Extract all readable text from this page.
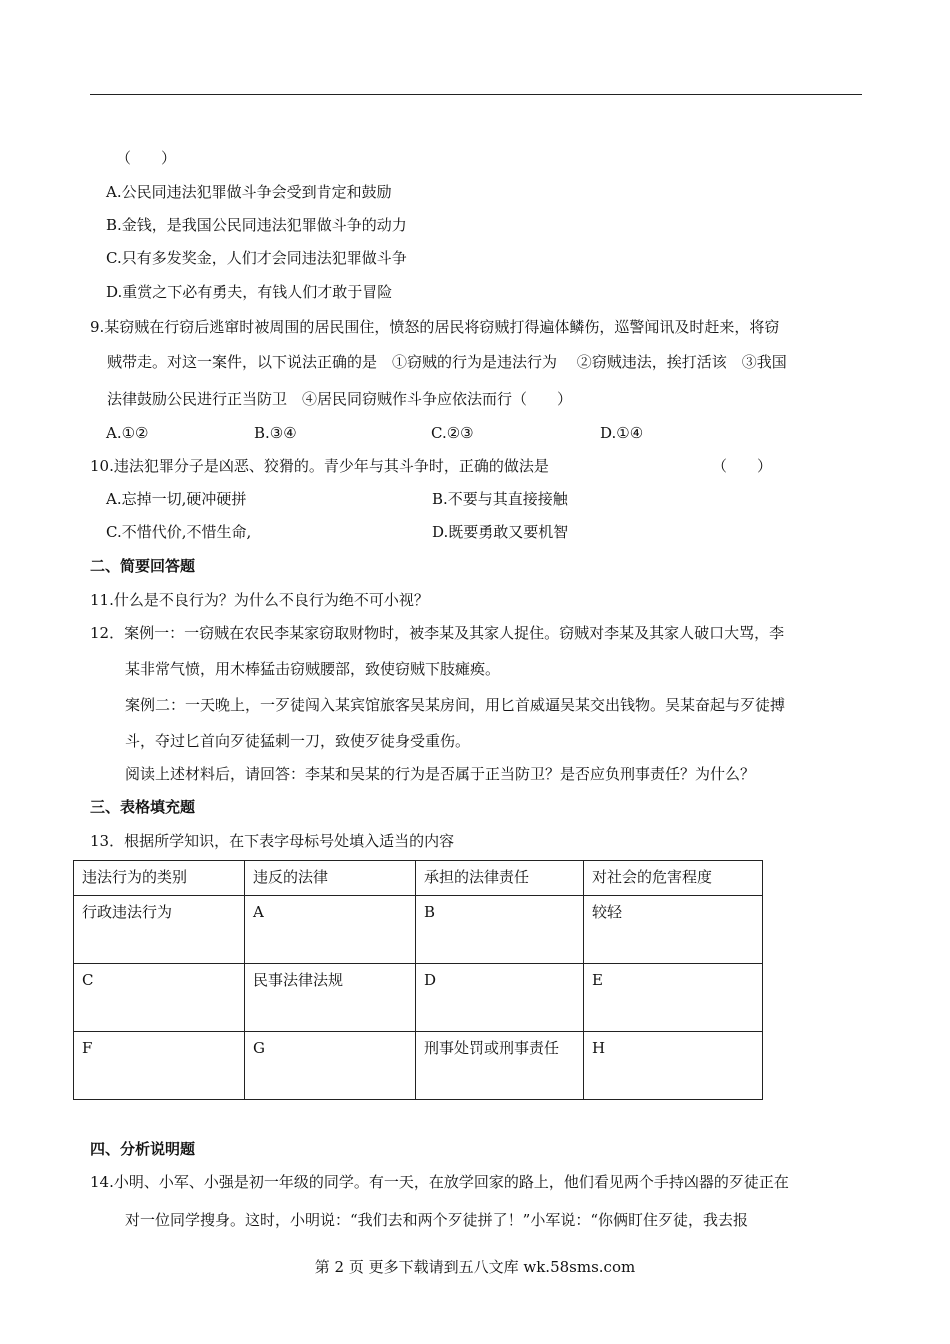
（　　）
A.公民同违法犯罪做斗争会受到肯定和鼓励
B.金钱，是我国公民同违法犯罪做斗争的动力
C.只有多发奖金，人们才会同违法犯罪做斗争
D.重赏之下必有勇夫，有钱人们才敢于冒险
9.某窃贼在行窃后逃窜时被周围的居民围住，愤怒的居民将窃贼打得遍体鳞伤，巡警闻讯及时赶来，将窃
贼带走。对这一案件，以下说法正确的是　①窃贼的行为是违法行为　 ②窃贼违法，挨打活该　③我国
法律鼓励公民进行正当防卫　④居民同窃贼作斗争应依法而行（　　）
A.①②	B.③④	C.②③	D.①④
10.违法犯罪分子是凶恶、狡猾的。青少年与其斗争时，正确的做法是	（　　）
A.忘掉一切,硬冲硬拼	B.不要与其直接接触
C.不惜代价,不惜生命,	D.既要勇敢又要机智
二、简要回答题
11.什么是不良行为？为什么不良行为绝不可小视？
12．案例一：一窃贼在农民李某家窃取财物时，被李某及其家人捉住。窃贼对李某及其家人破口大骂，李
某非常气愤，用木棒猛击窃贼腰部，致使窃贼下肢瘫痪。
案例二：一天晚上，一歹徒闯入某宾馆旅客吴某房间，用匕首威逼吴某交出钱物。吴某奋起与歹徒搏
斗，夺过匕首向歹徒猛刺一刀，致使歹徒身受重伤。
阅读上述材料后，请回答：李某和吴某的行为是否属于正当防卫？是否应负刑事责任？为什么？
三、表格填充题
13．根据所学知识，在下表字母标号处填入适当的内容
违法行为的类别	违反的法律	承担的法律责任	对社会的危害程度
行政违法行为	A	B	较轻
C	民事法律法规	D	E
F	G	刑事处罚或刑事责任	H
四、分析说明题
14.小明、小军、小强是初一年级的同学。有一天，在放学回家的路上，他们看见两个手持凶器的歹徒正在
对一位同学搜身。这时，小明说：“我们去和两个歹徒拼了！”小军说：“你俩盯住歹徒，我去报
第 2 页 更多下载请到五八文库 wk.58sms.com
